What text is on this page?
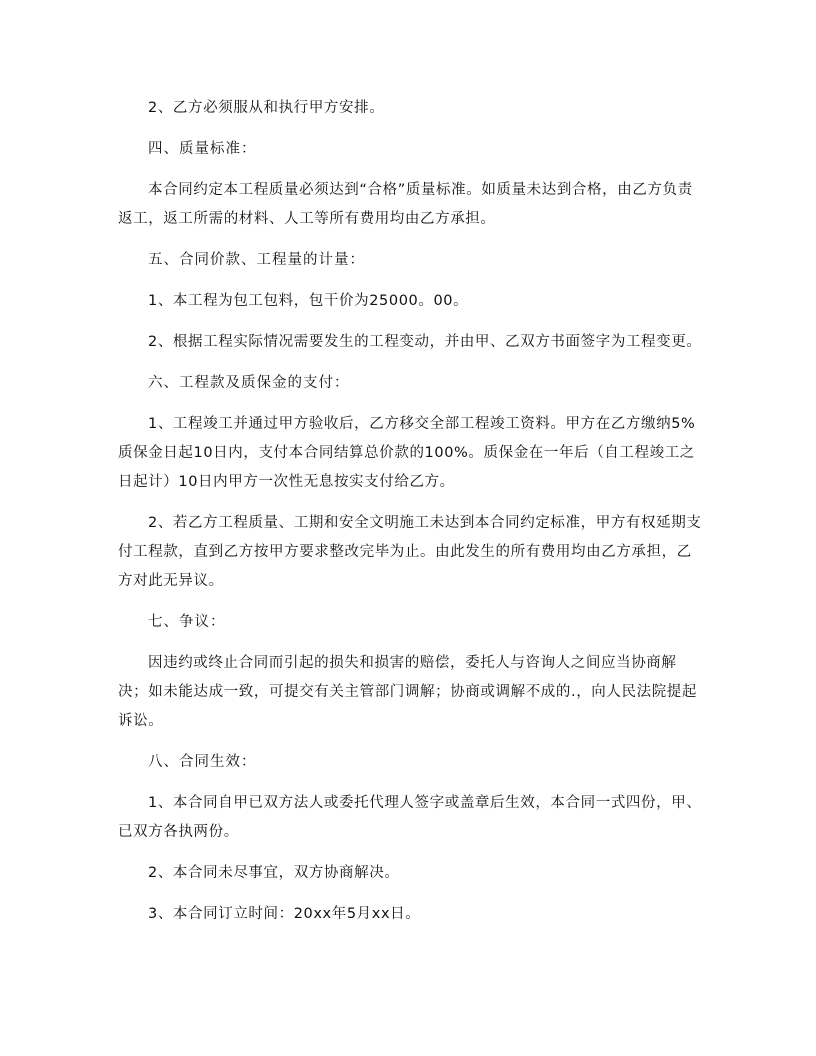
2、乙方必须服从和执行甲方安排。

四、质量标准：

本合同约定本工程质量必须达到“合格”质量标准。如质量未达到合格，由乙方负责返工，返工所需的材料、人工等所有费用均由乙方承担。

五、合同价款、工程量的计量：

1、本工程为包工包料，包干价为25000。00。

2、根据工程实际情况需要发生的工程变动，并由甲、乙双方书面签字为工程变更。

六、工程款及质保金的支付：

1、工程竣工并通过甲方验收后，乙方移交全部工程竣工资料。甲方在乙方缴纳5%质保金日起10日内，支付本合同结算总价款的100%。质保金在一年后（自工程竣工之日起计）10日内甲方一次性无息按实支付给乙方。

2、若乙方工程质量、工期和安全文明施工未达到本合同约定标准，甲方有权延期支付工程款，直到乙方按甲方要求整改完毕为止。由此发生的所有费用均由乙方承担，乙方对此无异议。

七、争议：

因违约或终止合同而引起的损失和损害的赔偿，委托人与咨询人之间应当协商解决；如未能达成一致，可提交有关主管部门调解；协商或调解不成的.，向人民法院提起诉讼。

八、合同生效：

1、本合同自甲已双方法人或委托代理人签字或盖章后生效，本合同一式四份，甲、已双方各执两份。

2、本合同未尽事宜，双方协商解决。

3、本合同订立时间：20xx年5月xx日。
